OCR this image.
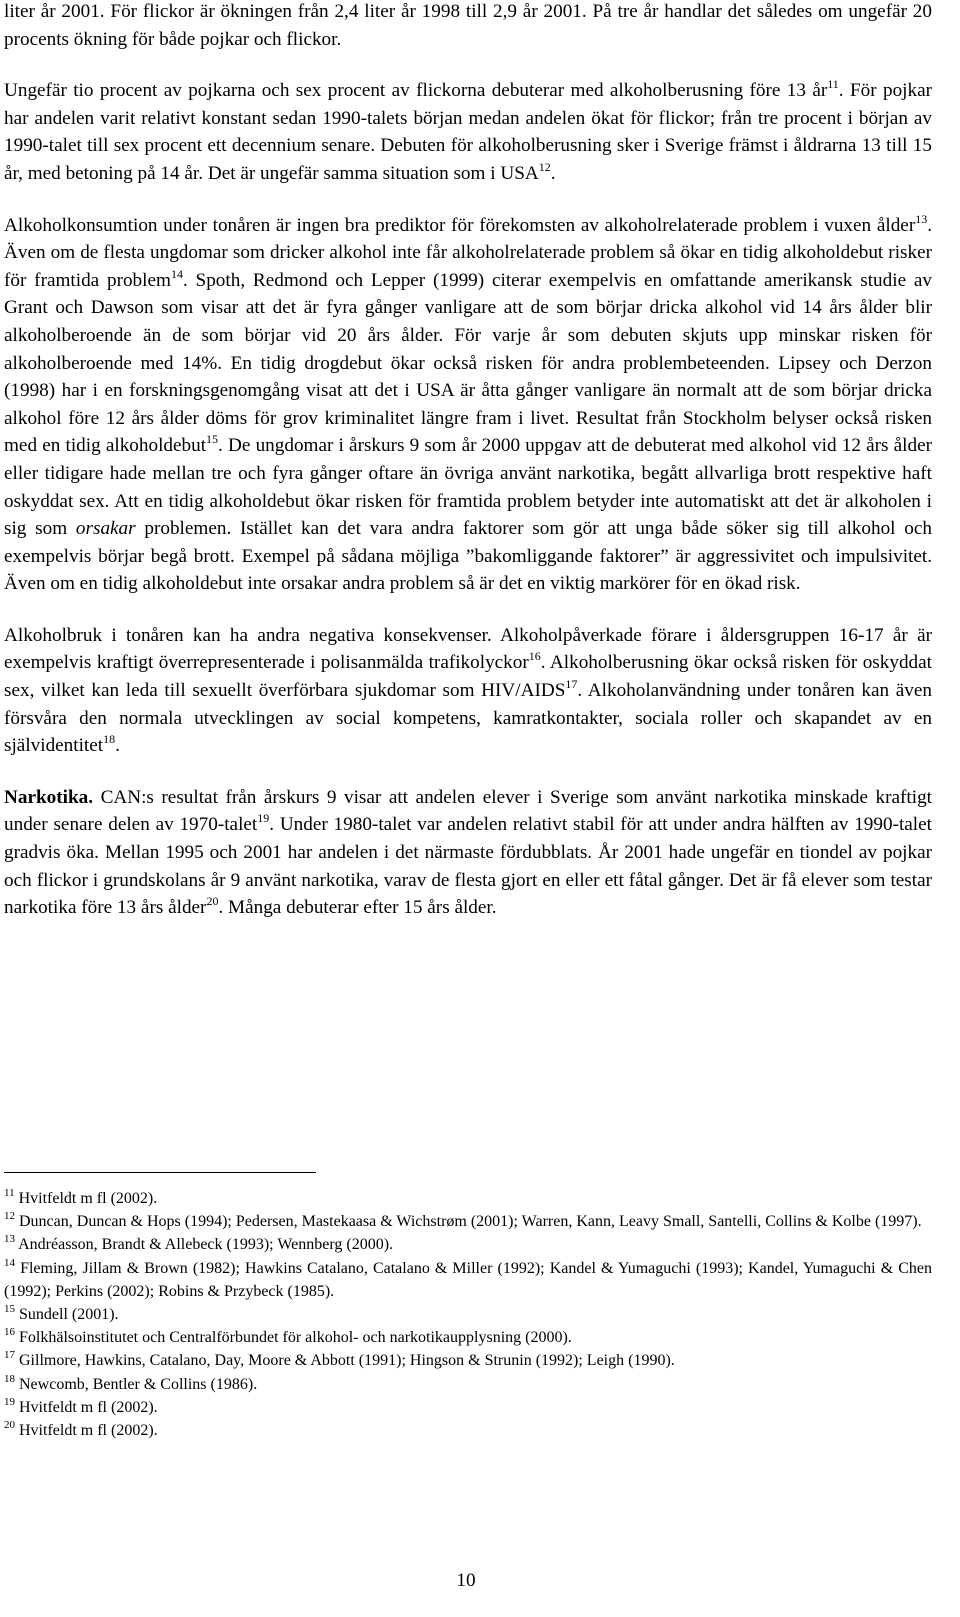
liter år 2001. För flickor är ökningen från 2,4 liter år 1998 till 2,9 år 2001. På tre år handlar det således om ungefär 20 procents ökning för både pojkar och flickor.

Ungefär tio procent av pojkarna och sex procent av flickorna debuterar med alkoholberusning före 13 $år^{11}$. För pojkar har andelen varit relativt konstant sedan 1990-talets början medan andelen ökat för flickor; från tre procent i början av 1990-talet till sex procent ett decennium senare. Debuten för alkoholberusning sker i Sverige främst i åldrarna 13 till 15 år, med betoning på 14 år. Det är ungefär samma situation som i USA$^{12}$.

Alkoholkonsumtion under tonåren är ingen bra prediktor för förekomsten av alkoholrelaterade problem i vuxen ålder$^{13}$. Även om de flesta ungdomar som dricker alkohol inte får alkoholrelaterade problem så ökar en tidig alkoholdebut risker för framtida problem$^{14}$. Spoth, Redmond och Lepper (1999) citerar exempelvis en omfattande amerikansk studie av Grant och Dawson som visar att det är fyra gånger vanligare att de som börjar dricka alkohol vid 14 års ålder blir alkoholberoende än de som börjar vid 20 års ålder. För varje år som debuten skjuts upp minskar risken för alkoholberoende med 14%. En tidig drogdebut ökar också risken för andra problembeteenden. Lipsey och Derzon (1998) har i en forskningsgenomgång visat att det i USA är åtta gånger vanligare än normalt att de som börjar dricka alkohol före 12 års ålder döms för grov kriminalitet längre fram i livet. Resultat från Stockholm belyser också risken med en tidig alkoholdebut$^{15}$. De ungdomar i årskurs 9 som år 2000 uppgav att de debuterat med alkohol vid 12 års ålder eller tidigare hade mellan tre och fyra gånger oftare än övriga använt narkotika, begått allvarliga brott respektive haft oskyddat sex. Att en tidig alkoholdebut ökar risken för framtida problem betyder inte automatiskt att det är alkoholen i sig som orsakar problemen. Istället kan det vara andra faktorer som gör att unga både söker sig till alkohol och exempelvis börjar begå brott. Exempel på sådana möjliga ”bakomliggande faktorer” är aggressivitet och impulsivitet. Även om en tidig alkoholdebut inte orsakar andra problem så är det en viktig markörer för en ökad risk.

Alkoholbruk i tonåren kan ha andra negativa konsekvenser. Alkoholpåverkade förare i åldersgruppen 16-17 år är exempelvis kraftigt överrepresenterade i polisanmälda trafikolyckor$^{16}$. Alkoholberusning ökar också risken för oskyddat sex, vilket kan leda till sexuellt överförbara sjukdomar som HIV/AIDS$^{17}$. Alkoholanvändning under tonåren kan även försvåra den normala utvecklingen av social kompetens, kamratkontakter, sociala roller och skapandet av en självidentitet$^{18}$.

Narkotika. CAN:s resultat från årskurs 9 visar att andelen elever i Sverige som använt narkotika minskade kraftigt under senare delen av 1970-talet$^{19}$. Under 1980-talet var andelen relativt stabil för att under andra hälften av 1990-talet gradvis öka. Mellan 1995 och 2001 har andelen i det närmaste fördubblats. År 2001 hade ungefär en tiondel av pojkar och flickor i grundskolans år 9 använt narkotika, varav de flesta gjort en eller ett fåtal gånger. Det är få elever som testar narkotika före 13 års ålder$^{20}$. Många debuterar efter 15 års ålder.

$^{11}$ Hvitfeldt m fl (2002).

$^{12}$ Duncan, Duncan & Hops (1994); Pedersen, Mastekaasa & Wichstrøm (2001); Warren, Kann, Leavy Small, Santelli, Collins & Kolbe (1997).

$^{13}$ Andréasson, Brandt & Allebeck (1993); Wennberg (2000).

$^{14}$ Fleming, Jillam & Brown (1982); Hawkins Catalano, Catalano & Miller (1992); Kandel & Yumaguchi (1993); Kandel, Yumaguchi & Chen (1992); Perkins (2002); Robins & Przybeck (1985).

$^{15}$ Sundell (2001).

$^{16}$ Folkhälsoinstitutet och Centralförbundet för alkohol- och narkotikaupplysning (2000).

$^{17}$ Gillmore, Hawkins, Catalano, Day, Moore & Abbott (1991); Hingson & Strunin (1992); Leigh (1990).

$^{18}$ Newcomb, Bentler & Collins (1986).

$^{19}$ Hvitfeldt m fl (2002).

$^{20}$ Hvitfeldt m fl (2002).

10
